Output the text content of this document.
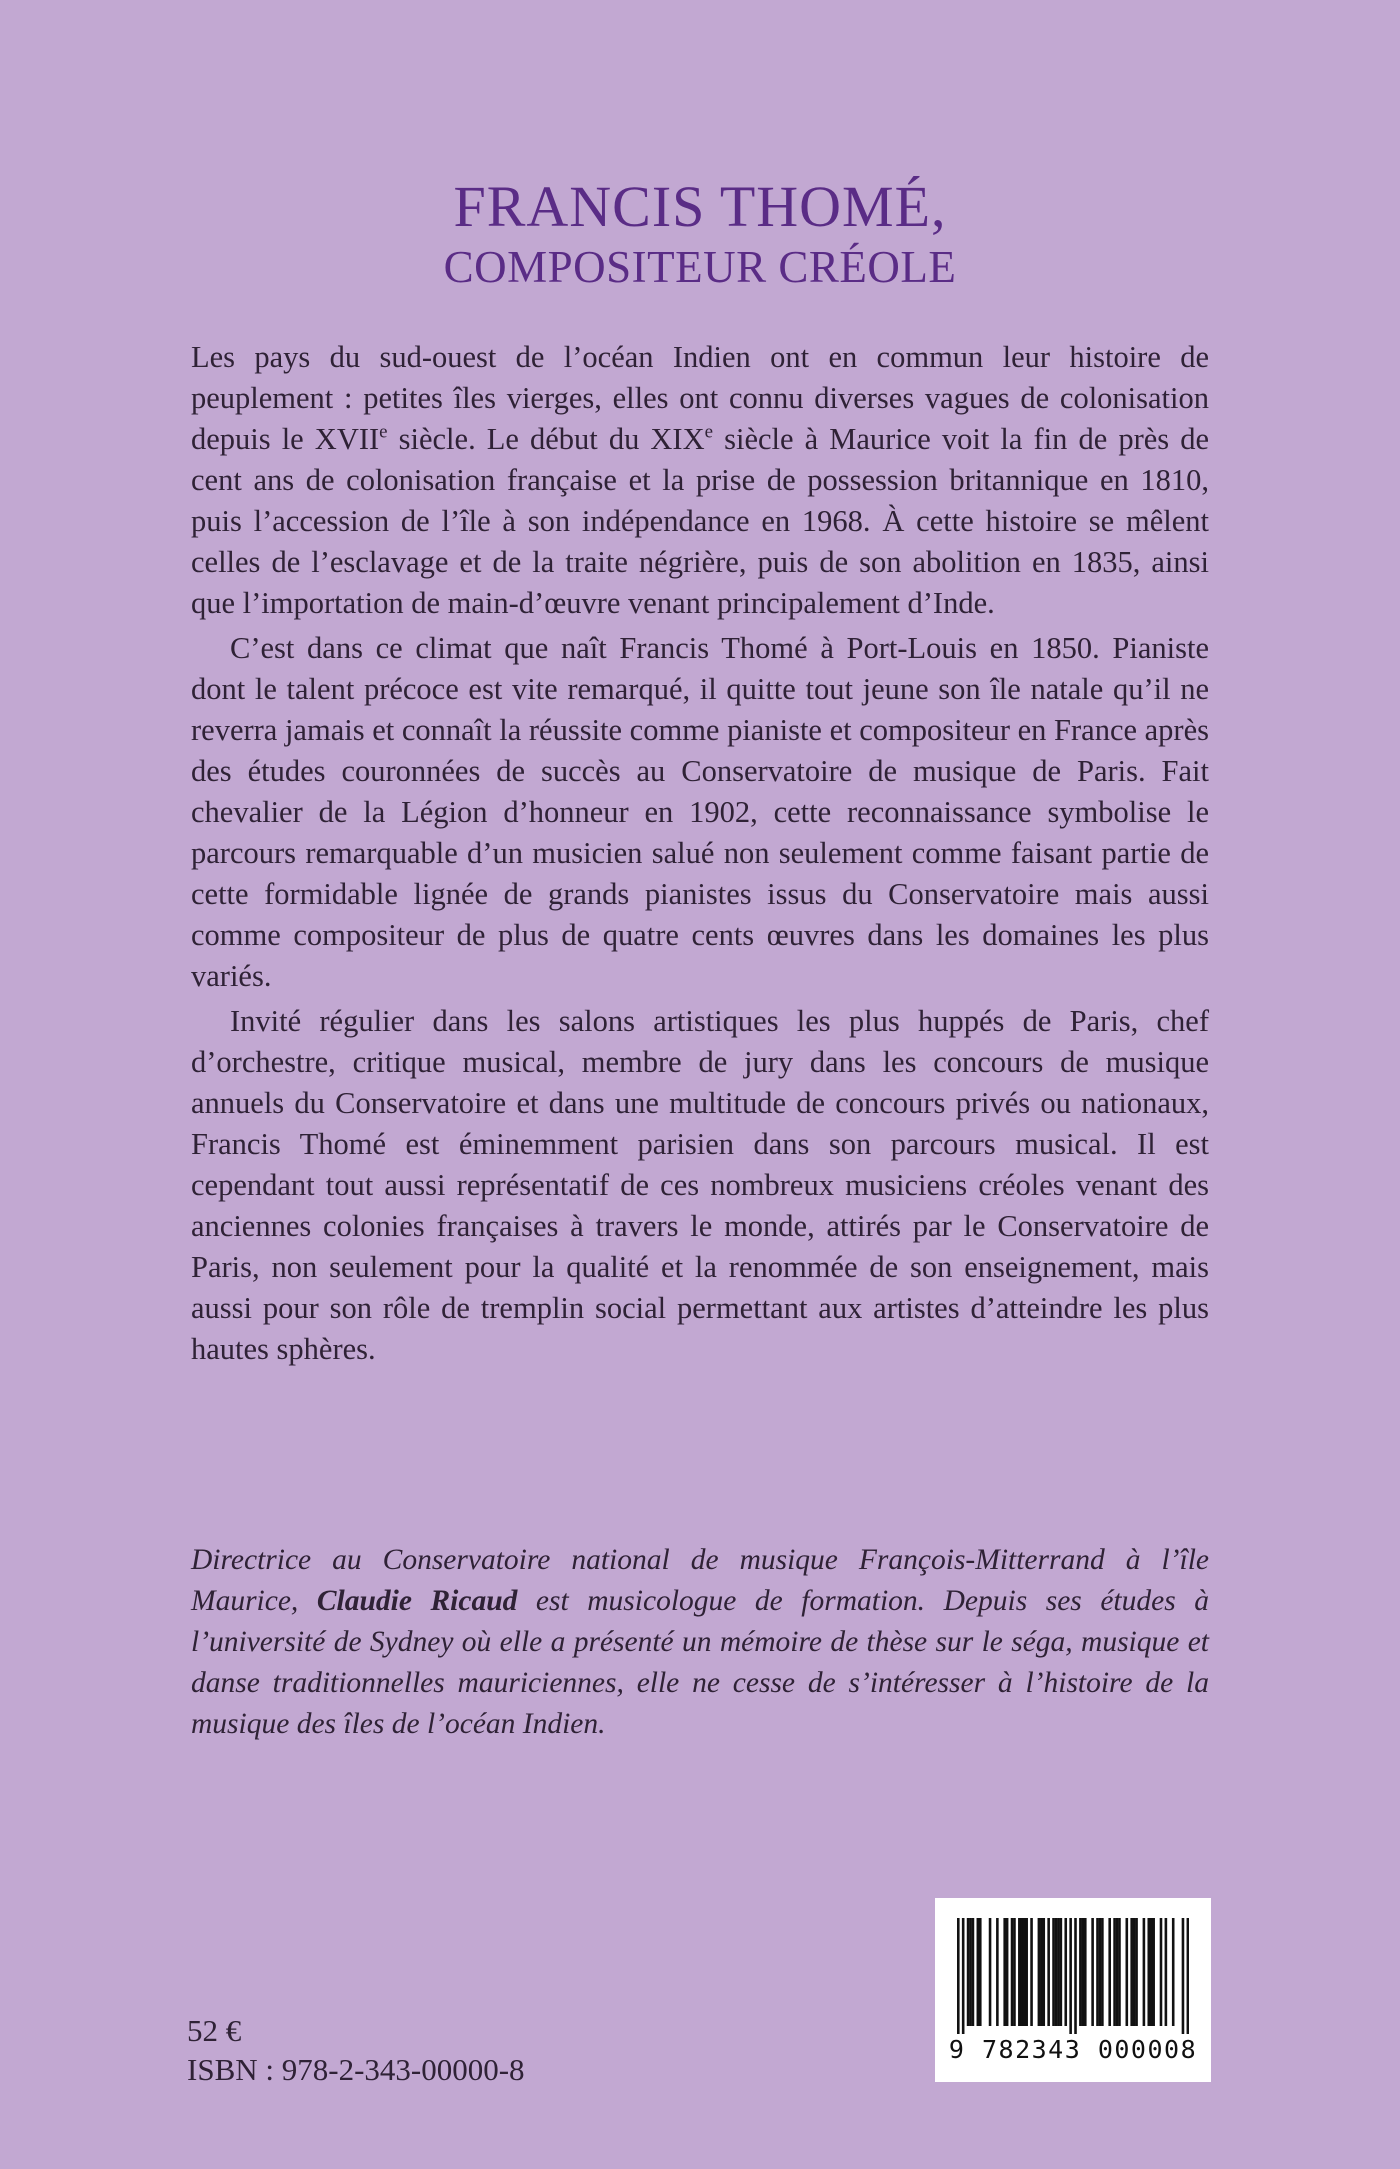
FRANCIS THOMÉ,
COMPOSITEUR CRÉOLE

Les pays du sud-ouest de l’océan Indien ont en commun leur histoire de peuplement : petites îles vierges, elles ont connu diverses vagues de colonisation depuis le XVIIe siècle. Le début du XIXe siècle à Maurice voit la fin de près de cent ans de colonisation française et la prise de possession britannique en 1810, puis l’accession de l’île à son indépendance en 1968. À cette histoire se mêlent celles de l’esclavage et de la traite négrière, puis de son abolition en 1835, ainsi que l’importation de main-d’œuvre venant principalement d’Inde.

C’est dans ce climat que naît Francis Thomé à Port-Louis en 1850. Pianiste dont le talent précoce est vite remarqué, il quitte tout jeune son île natale qu’il ne reverra jamais et connaît la réussite comme pianiste et compositeur en France après des études couronnées de succès au Conservatoire de musique de Paris. Fait chevalier de la Légion d’honneur en 1902, cette reconnaissance symbolise le parcours remarquable d’un musicien salué non seulement comme faisant partie de cette formidable lignée de grands pianistes issus du Conservatoire mais aussi comme compositeur de plus de quatre cents œuvres dans les domaines les plus variés.

Invité régulier dans les salons artistiques les plus huppés de Paris, chef d’orchestre, critique musical, membre de jury dans les concours de musique annuels du Conservatoire et dans une multitude de concours privés ou nationaux, Francis Thomé est éminemment parisien dans son parcours musical. Il est cependant tout aussi représentatif de ces nombreux musiciens créoles venant des anciennes colonies françaises à travers le monde, attirés par le Conservatoire de Paris, non seulement pour la qualité et la renommée de son enseignement, mais aussi pour son rôle de tremplin social permettant aux artistes d’atteindre les plus hautes sphères.

Directrice au Conservatoire national de musique François-Mitterrand à l’île Maurice, Claudie Ricaud est musicologue de formation. Depuis ses études à l’université de Sydney où elle a présenté un mémoire de thèse sur le séga, musique et danse traditionnelles mauriciennes, elle ne cesse de s’intéresser à l’histoire de la musique des îles de l’océan Indien.
52 €
ISBN : 978-2-343-00000-8
9 782343 000008
